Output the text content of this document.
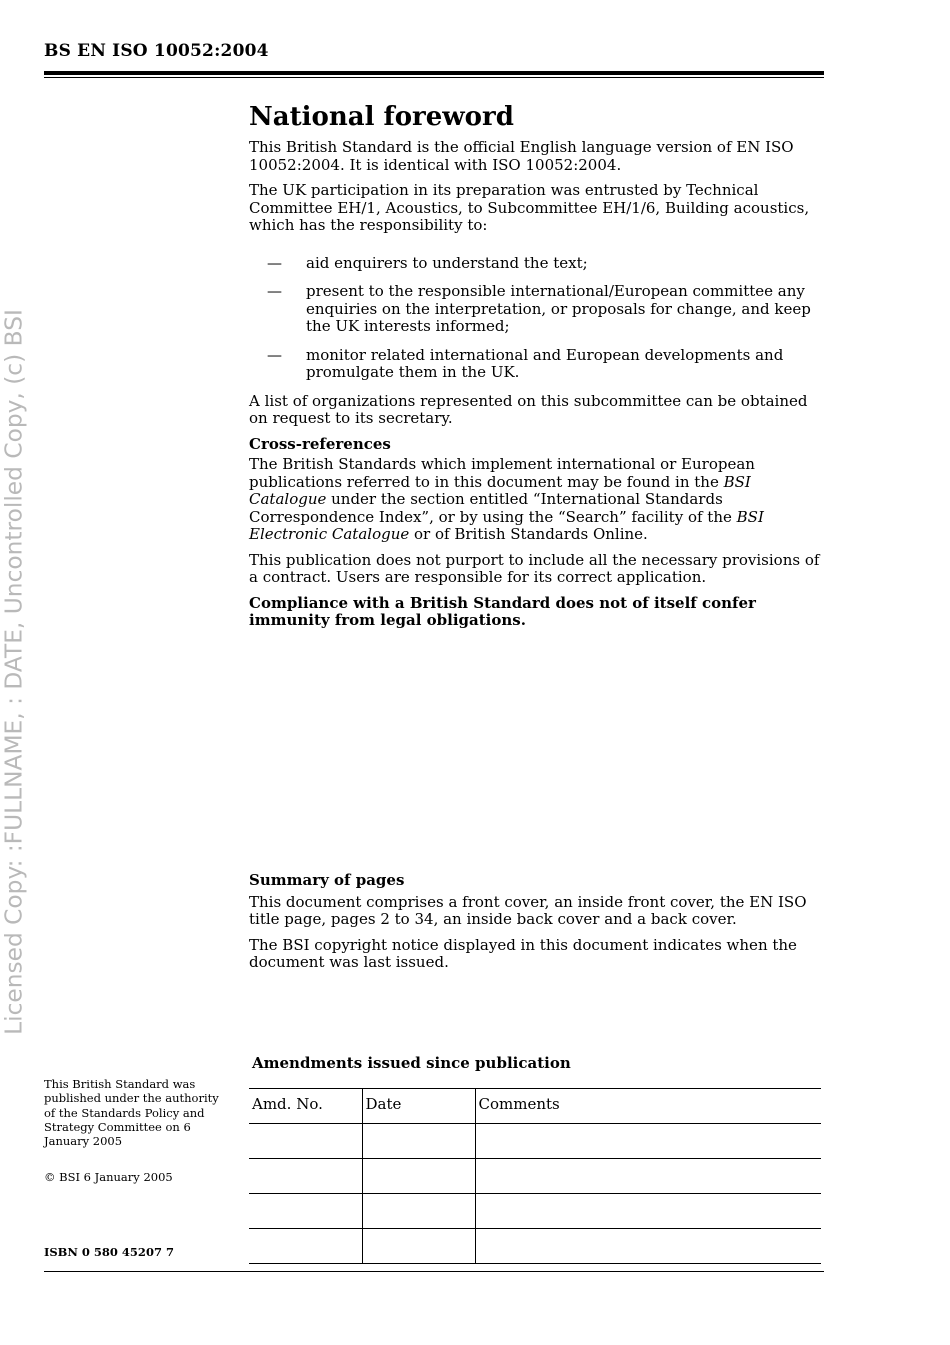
BS EN ISO 10052:2004
Licensed Copy: :FULLNAME, : DATE, Uncontrolled Copy, (c) BSI
National foreword

This British Standard is the official English language version of EN ISO 10052:2004. It is identical with ISO 10052:2004.

The UK participation in its preparation was entrusted by Technical Committee EH/1, Acoustics, to Subcommittee EH/1/6, Building acoustics, which has the responsibility to:

—	aid enquirers to understand the text;
—	present to the responsible international/European committee any enquiries on the interpretation, or proposals for change, and keep the UK interests informed;
—	monitor related international and European developments and promulgate them in the UK.

A list of organizations represented on this subcommittee can be obtained on request to its secretary.

Cross-references

The British Standards which implement international or European publications referred to in this document may be found in the BSI Catalogue under the section entitled “International Standards Correspondence Index”, or by using the “Search” facility of the BSI Electronic Catalogue or of British Standards Online.

This publication does not purport to include all the necessary provisions of a contract. Users are responsible for its correct application.

Compliance with a British Standard does not of itself confer immunity from legal obligations.

Summary of pages

This document comprises a front cover, an inside front cover, the EN ISO title page, pages 2 to 34, an inside back cover and a back cover.

The BSI copyright notice displayed in this document indicates when the document was last issued.

This British Standard was published under the authority of the Standards Policy and Strategy Committee on 6 January 2005
© BSI 6 January 2005
ISBN 0 580 45207 7
Amendments issued since publication
Amd. No.	Date	Comments
